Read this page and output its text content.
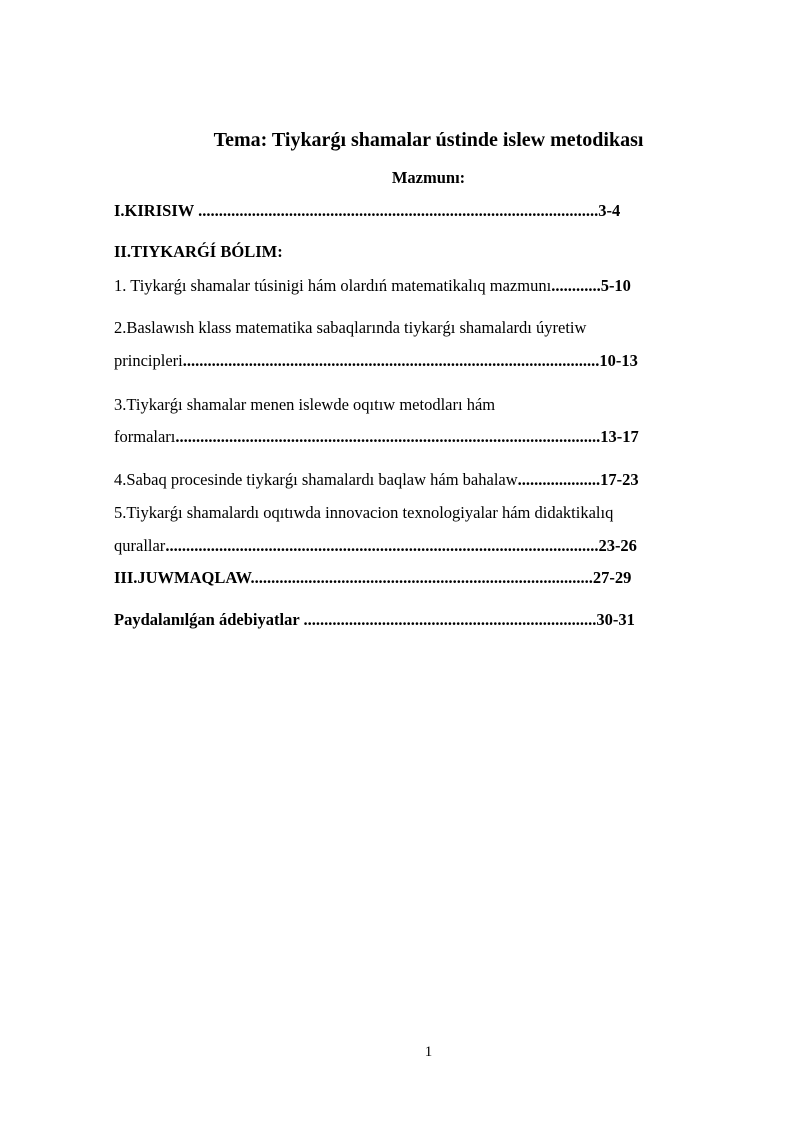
Tema: Tiykarǵı shamalar ústinde islew metodikası
Mazmunı:
I.KIRISIW .................................................................................................3-4
II.TIYKARǴÍ BÓLIM:
1. Tiykarǵı shamalar túsinigi hám olardıń matematikalıq mazmunı............5-10
2.Baslawısh klass matematika sabaqlarında tiykarǵı shamalardı úyretiw
principleri.....................................................................................................10-13
3.Tiykarǵı shamalar menen islewde oqıtıw metodları hám
formaları.......................................................................................................13-17
4.Sabaq procesinde tiykarǵı shamalardı baqlaw hám bahalaw....................17-23
5.Tiykarǵı shamalardı oqıtıwda innovacion texnologiyalar hám didaktikalıq
qurallar.........................................................................................................23-26
III.JUWMAQLAW...................................................................................27-29
Paydalanılǵan ádebiyatlar .......................................................................30-31
1
